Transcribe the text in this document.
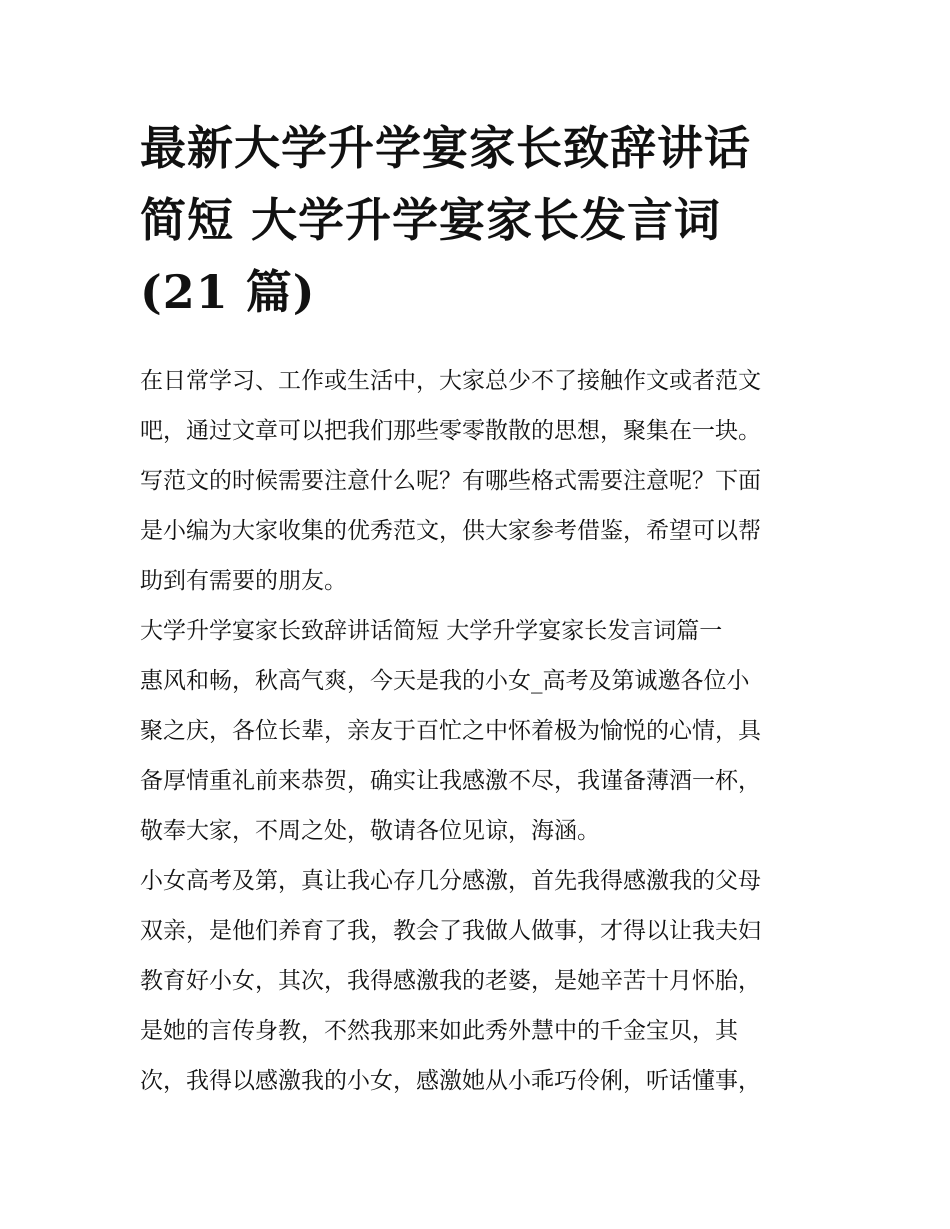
最新大学升学宴家长致辞讲话
简短 大学升学宴家长发言词
(21 篇)
在日常学习、工作或生活中，大家总少不了接触作文或者范文
吧，通过文章可以把我们那些零零散散的思想，聚集在一块。
写范文的时候需要注意什么呢？有哪些格式需要注意呢？下面
是小编为大家收集的优秀范文，供大家参考借鉴，希望可以帮
助到有需要的朋友。
大学升学宴家长致辞讲话简短 大学升学宴家长发言词篇一
惠风和畅，秋高气爽，今天是我的小女_高考及第诚邀各位小
聚之庆，各位长辈，亲友于百忙之中怀着极为愉悦的心情，具
备厚情重礼前来恭贺，确实让我感激不尽，我谨备薄酒一杯，
敬奉大家，不周之处，敬请各位见谅，海涵。
小女高考及第，真让我心存几分感激，首先我得感激我的父母
双亲，是他们养育了我，教会了我做人做事，才得以让我夫妇
教育好小女，其次，我得感激我的老婆，是她辛苦十月怀胎，
是她的言传身教，不然我那来如此秀外慧中的千金宝贝，其
次，我得以感激我的小女，感激她从小乖巧伶俐，听话懂事，
